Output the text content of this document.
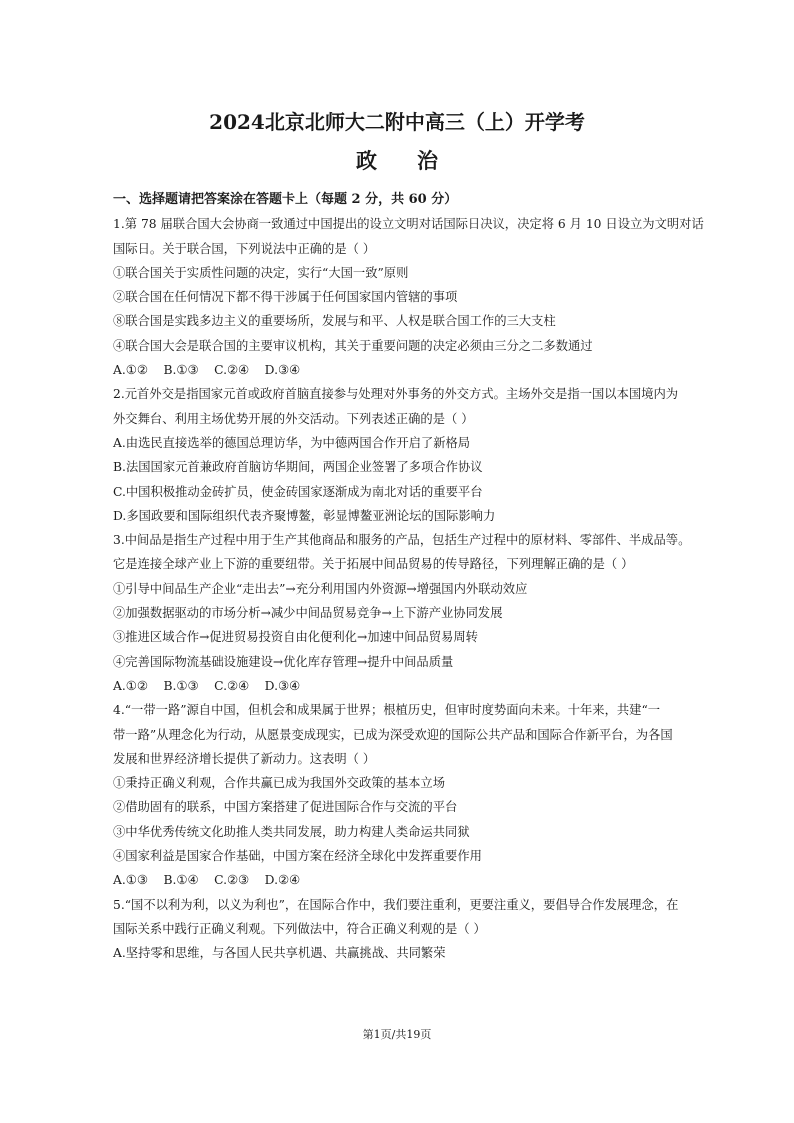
2024北京北师大二附中高三（上）开学考
政治
一、选择题请把答案涂在答题卡上（每题 2 分，共 60 分）
1.第 78 届联合国大会协商一致通过中国提出的设立文明对话国际日决议，决定将 6 月 10 日设立为文明对话
国际日。关于联合国，下列说法中正确的是（ ）
①联合国关于实质性问题的决定，实行“大国一致”原则
②联合国在任何情况下都不得干涉属于任何国家国内管辖的事项
⑧联合国是实践多边主义的重要场所，发展与和平、人权是联合国工作的三大支柱
④联合国大会是联合国的主要审议机构，其关于重要问题的决定必须由三分之二多数通过
A.①②    B.①③    C.②④    D.③④
2.元首外交是指国家元首或政府首脑直接参与处理对外事务的外交方式。主场外交是指一国以本国境内为
外交舞台、利用主场优势开展的外交活动。下列表述正确的是（ ）
A.由选民直接选举的德国总理访华，为中德两国合作开启了新格局
B.法国国家元首兼政府首脑访华期间，两国企业签署了多项合作协议
C.中国积极推动金砖扩员，使金砖国家逐渐成为南北对话的重要平台
D.多国政要和国际组织代表齐聚博鳌，彰显博鳌亚洲论坛的国际影响力
3.中间品是指生产过程中用于生产其他商品和服务的产品，包括生产过程中的原材料、零部件、半成品等。
它是连接全球产业上下游的重要纽带。关于拓展中间品贸易的传导路径，下列理解正确的是（ ）
①引导中间品生产企业“走出去”→充分利用国内外资源→增强国内外联动效应
②加强数据驱动的市场分析→减少中间品贸易竞争→上下游产业协同发展
③推进区域合作→促进贸易投资自由化便利化→加速中间品贸易周转
④完善国际物流基础设施建设→优化库存管理→提升中间品质量
A.①②    B.①③    C.②④    D.③④
4.“一带一路”源自中国，但机会和成果属于世界；根植历史，但审时度势面向未来。十年来，共建“一
带一路”从理念化为行动，从愿景变成现实，已成为深受欢迎的国际公共产品和国际合作新平台，为各国
发展和世界经济增长提供了新动力。这表明（ ）
①秉持正确义利观，合作共赢已成为我国外交政策的基本立场
②借助固有的联系，中国方案搭建了促进国际合作与交流的平台
③中华优秀传统文化助推人类共同发展，助力构建人类命运共同狱
④国家利益是国家合作基础，中国方案在经济全球化中发挥重要作用
A.①③    B.①④    C.②③    D.②④
5.“国不以利为利，以义为利也”，在国际合作中，我们要注重利，更要注重义，要倡导合作发展理念，在
国际关系中践行正确义利观。下列做法中，符合正确义利观的是（ ）
A.坚持零和思维，与各国人民共享机遇、共赢挑战、共同繁荣
第1页/共19页
